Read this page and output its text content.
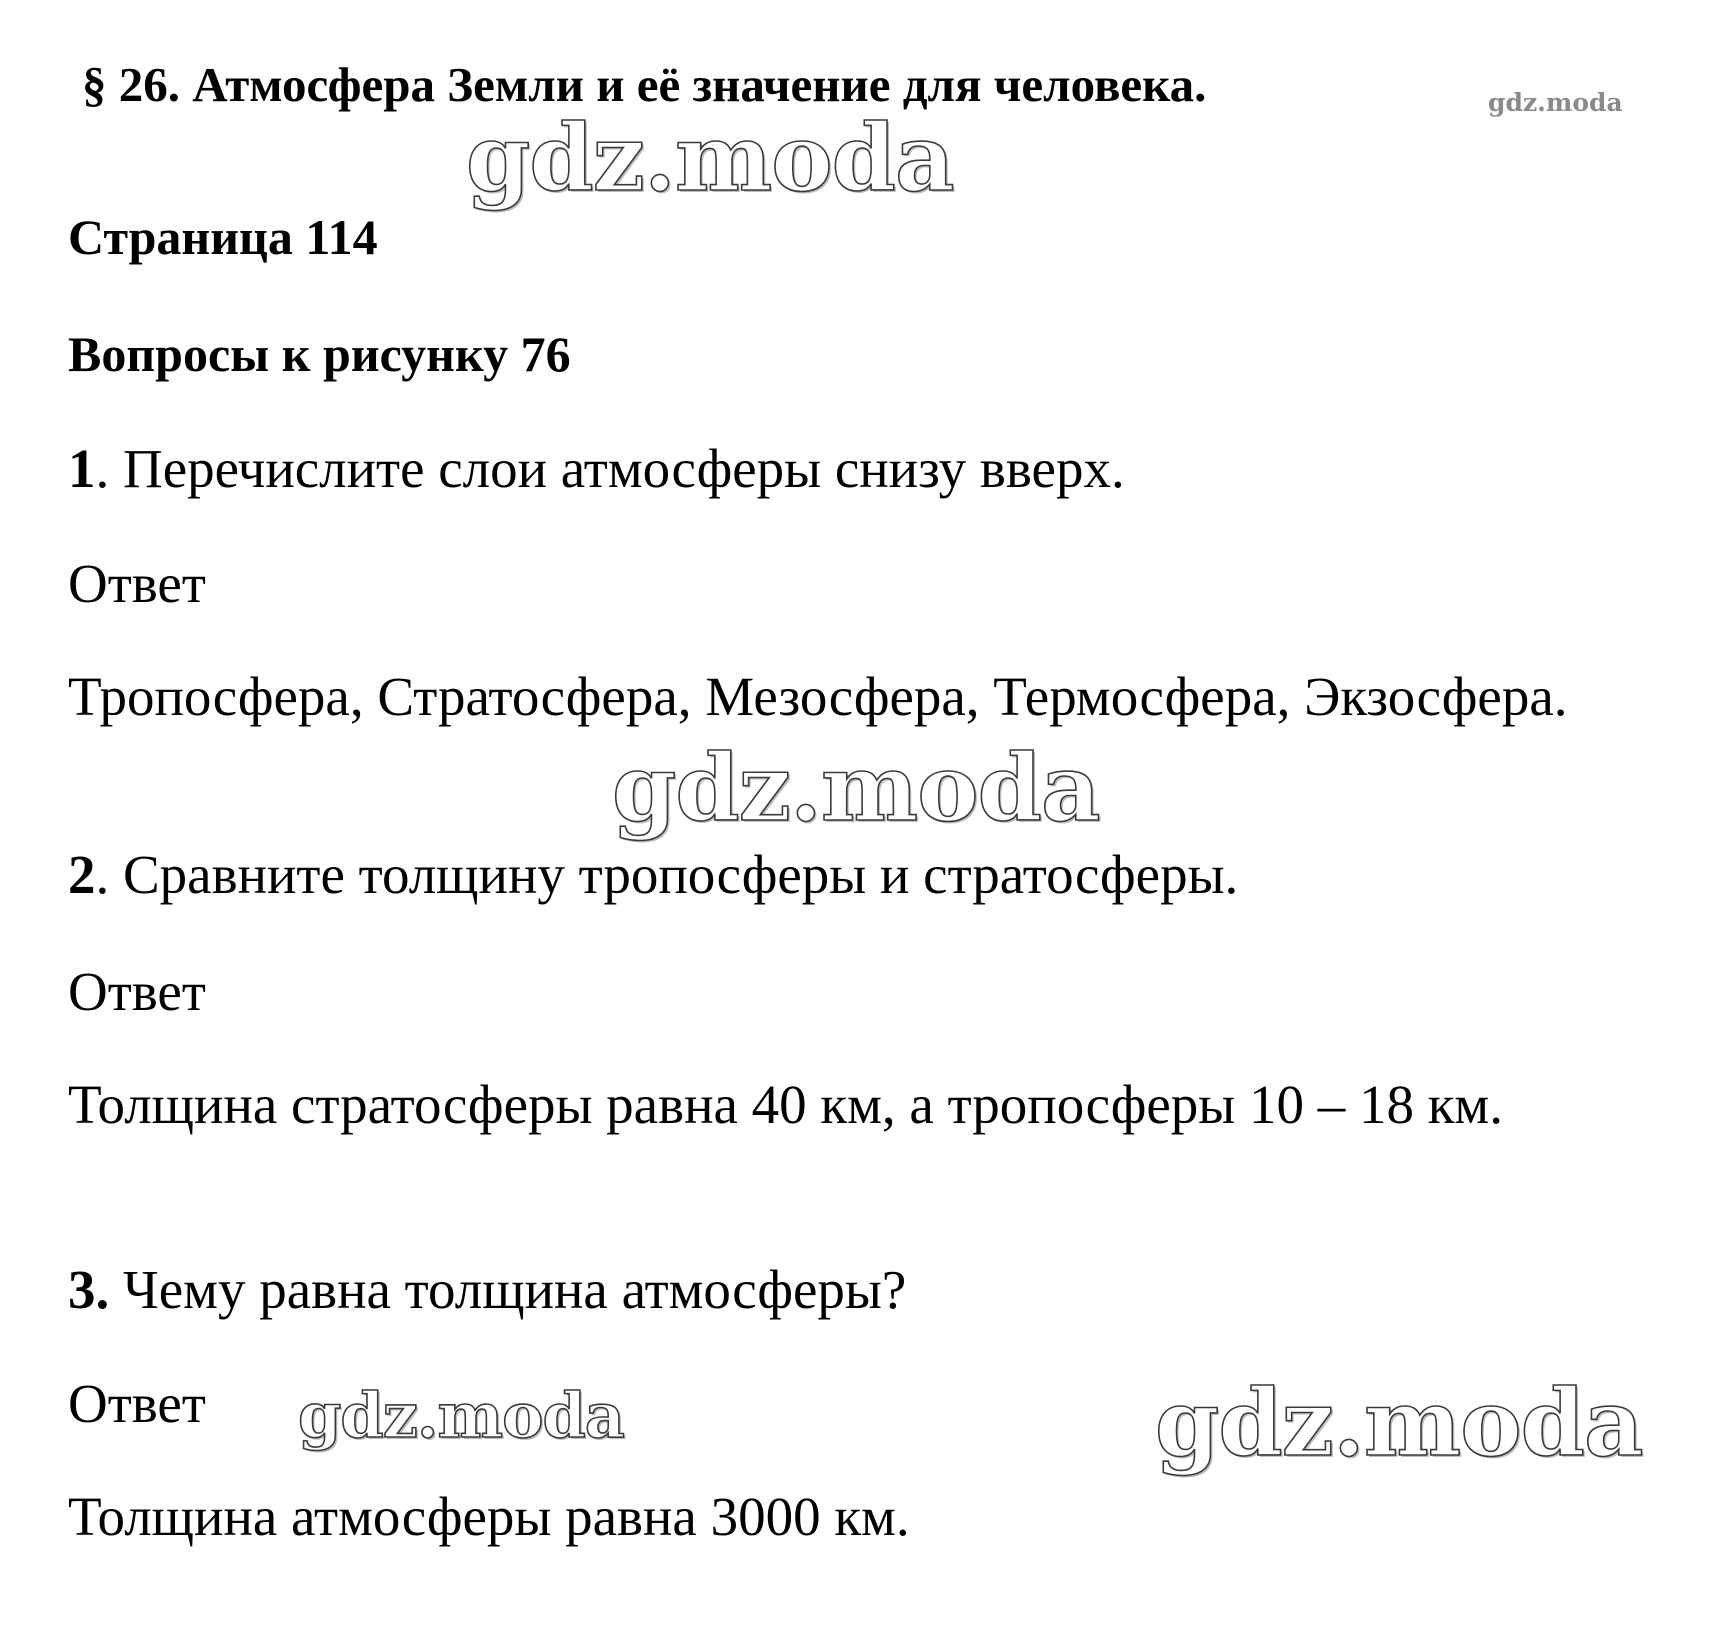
§ 26. Атмосфера Земли и её значение для человека.	gdz.moda
gdz.moda
Страница 114
Вопросы к рисунку 76
1. Перечислите слои атмосферы снизу вверх.
Ответ
Тропосфера, Стратосфера, Мезосфера, Термосфера, Экзосфера.
gdz.moda
2. Сравните толщину тропосферы и стратосферы.
Ответ
Толщина стратосферы равна 40 км, а тропосферы 10 – 18 км.
3. Чему равна толщина атмосферы?
Ответ gdz.moda	gdz.moda
Толщина атмосферы равна 3000 км.
